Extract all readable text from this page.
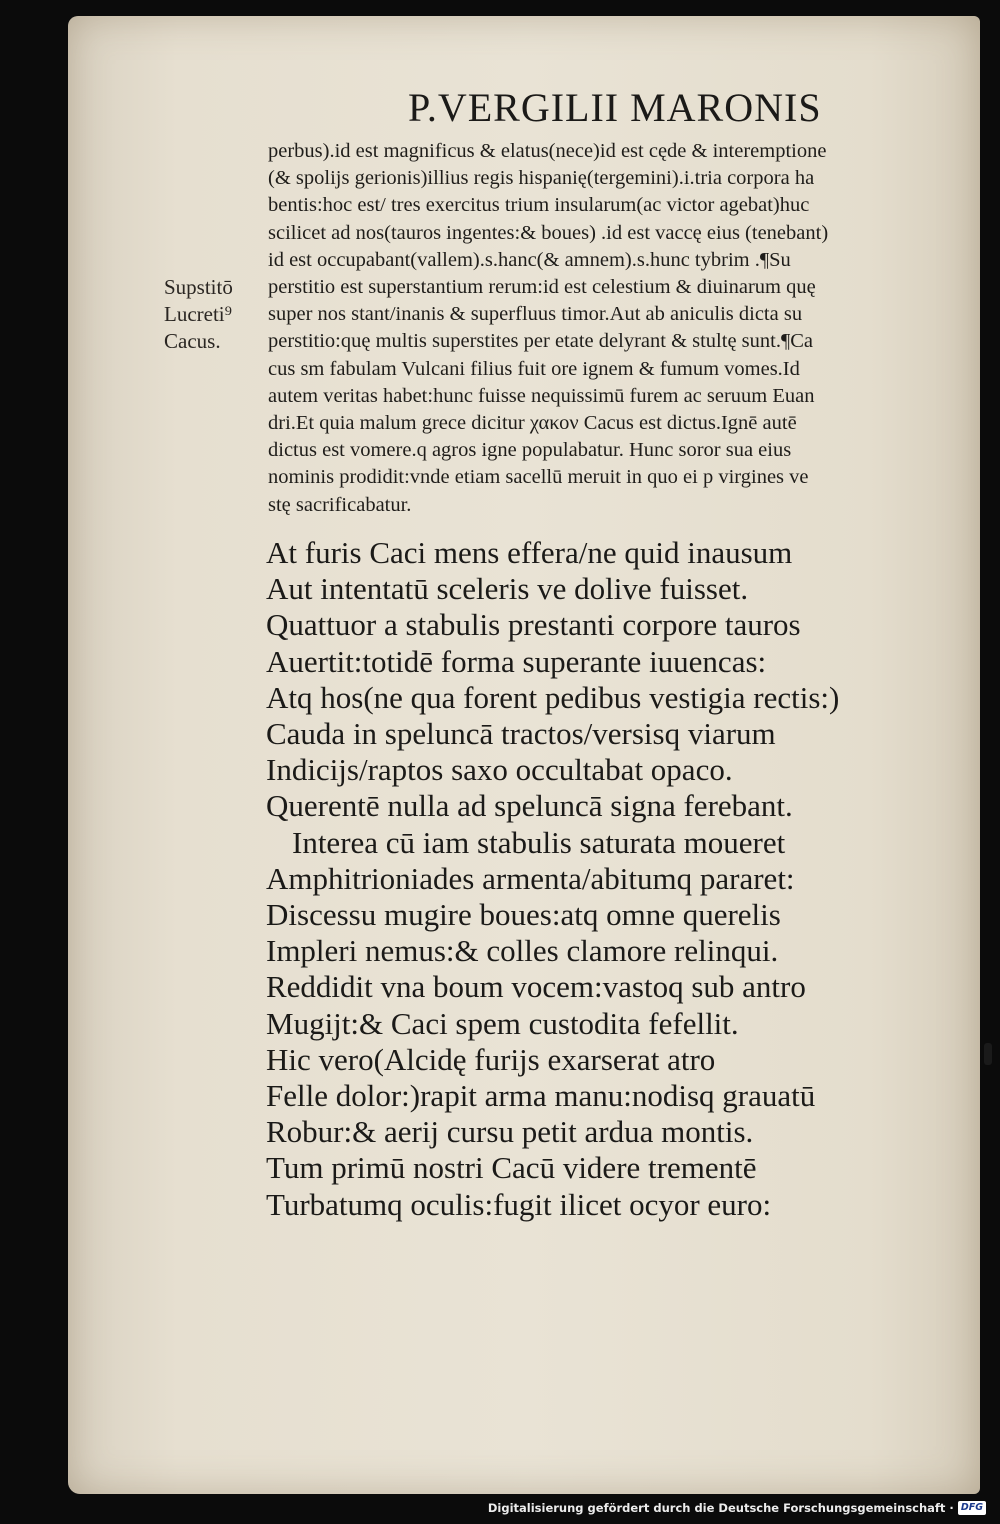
P.VERGILII MARONIS
perbus).id est magnificus & elatus(nece)id est cęde & interemptione
(& spolijs gerionis)illius regis hispanię(tergemini).i.tria corpora ha
bentis:hoc est/ tres exercitus trium insularum(ac victor agebat)huc
scilicet ad nos(tauros ingentes:& boues) .id est vaccę eius (tenebant)
id est occupabant(vallem).s.hanc(& amnem).s.hunc tybrim .¶Su
perstitio est superstantium rerum:id est celestium & diuinarum quę
super nos stant/inanis & superfluus timor.Aut ab aniculis dicta su
perstitio:quę multis superstites per etate delyrant & stultę sunt.¶Ca
cus sm fabulam Vulcani filius fuit ore ignem & fumum vomes.Id
autem veritas habet:hunc fuisse nequissimū furem ac seruum Euan
dri.Et quia malum grece dicitur χακον Cacus est dictus.Ignē autē
dictus est vomere.q agros igne populabatur. Hunc soror sua eius
nominis prodidit:vnde etiam sacellū meruit in quo ei p virgines ve
stę sacrificabatur.
Supstitō
Lucreti⁹
Cacus.
At furis Caci mens effera/ne quid inausum
Aut intentatū sceleris ve dolive fuisset.
Quattuor a stabulis prestanti corpore tauros
Auertit:totidē forma superante iuuencas:
Atq hos(ne qua forent pedibus vestigia rectis:)
Cauda in speluncā tractos/versisq viarum
Indicijs/raptos saxo occultabat opaco.
Querentē nulla ad speluncā signa ferebant.
Interea cū iam stabulis saturata moueret
Amphitrioniades armenta/abitumq pararet:
Discessu mugire boues:atq omne querelis
Impleri nemus:& colles clamore relinqui.
Reddidit vna boum vocem:vastoq sub antro
Mugijt:& Caci spem custodita fefellit.
Hic vero(Alcidę furijs exarserat atro
Felle dolor:)rapit arma manu:nodisq grauatū
Robur:& aerij cursu petit ardua montis.
Tum primū nostri Cacū videre trementē
Turbatumq oculis:fugit ilicet ocyor euro:
Digitalisierung gefördert durch die Deutsche Forschungsgemeinschaft · DFG
